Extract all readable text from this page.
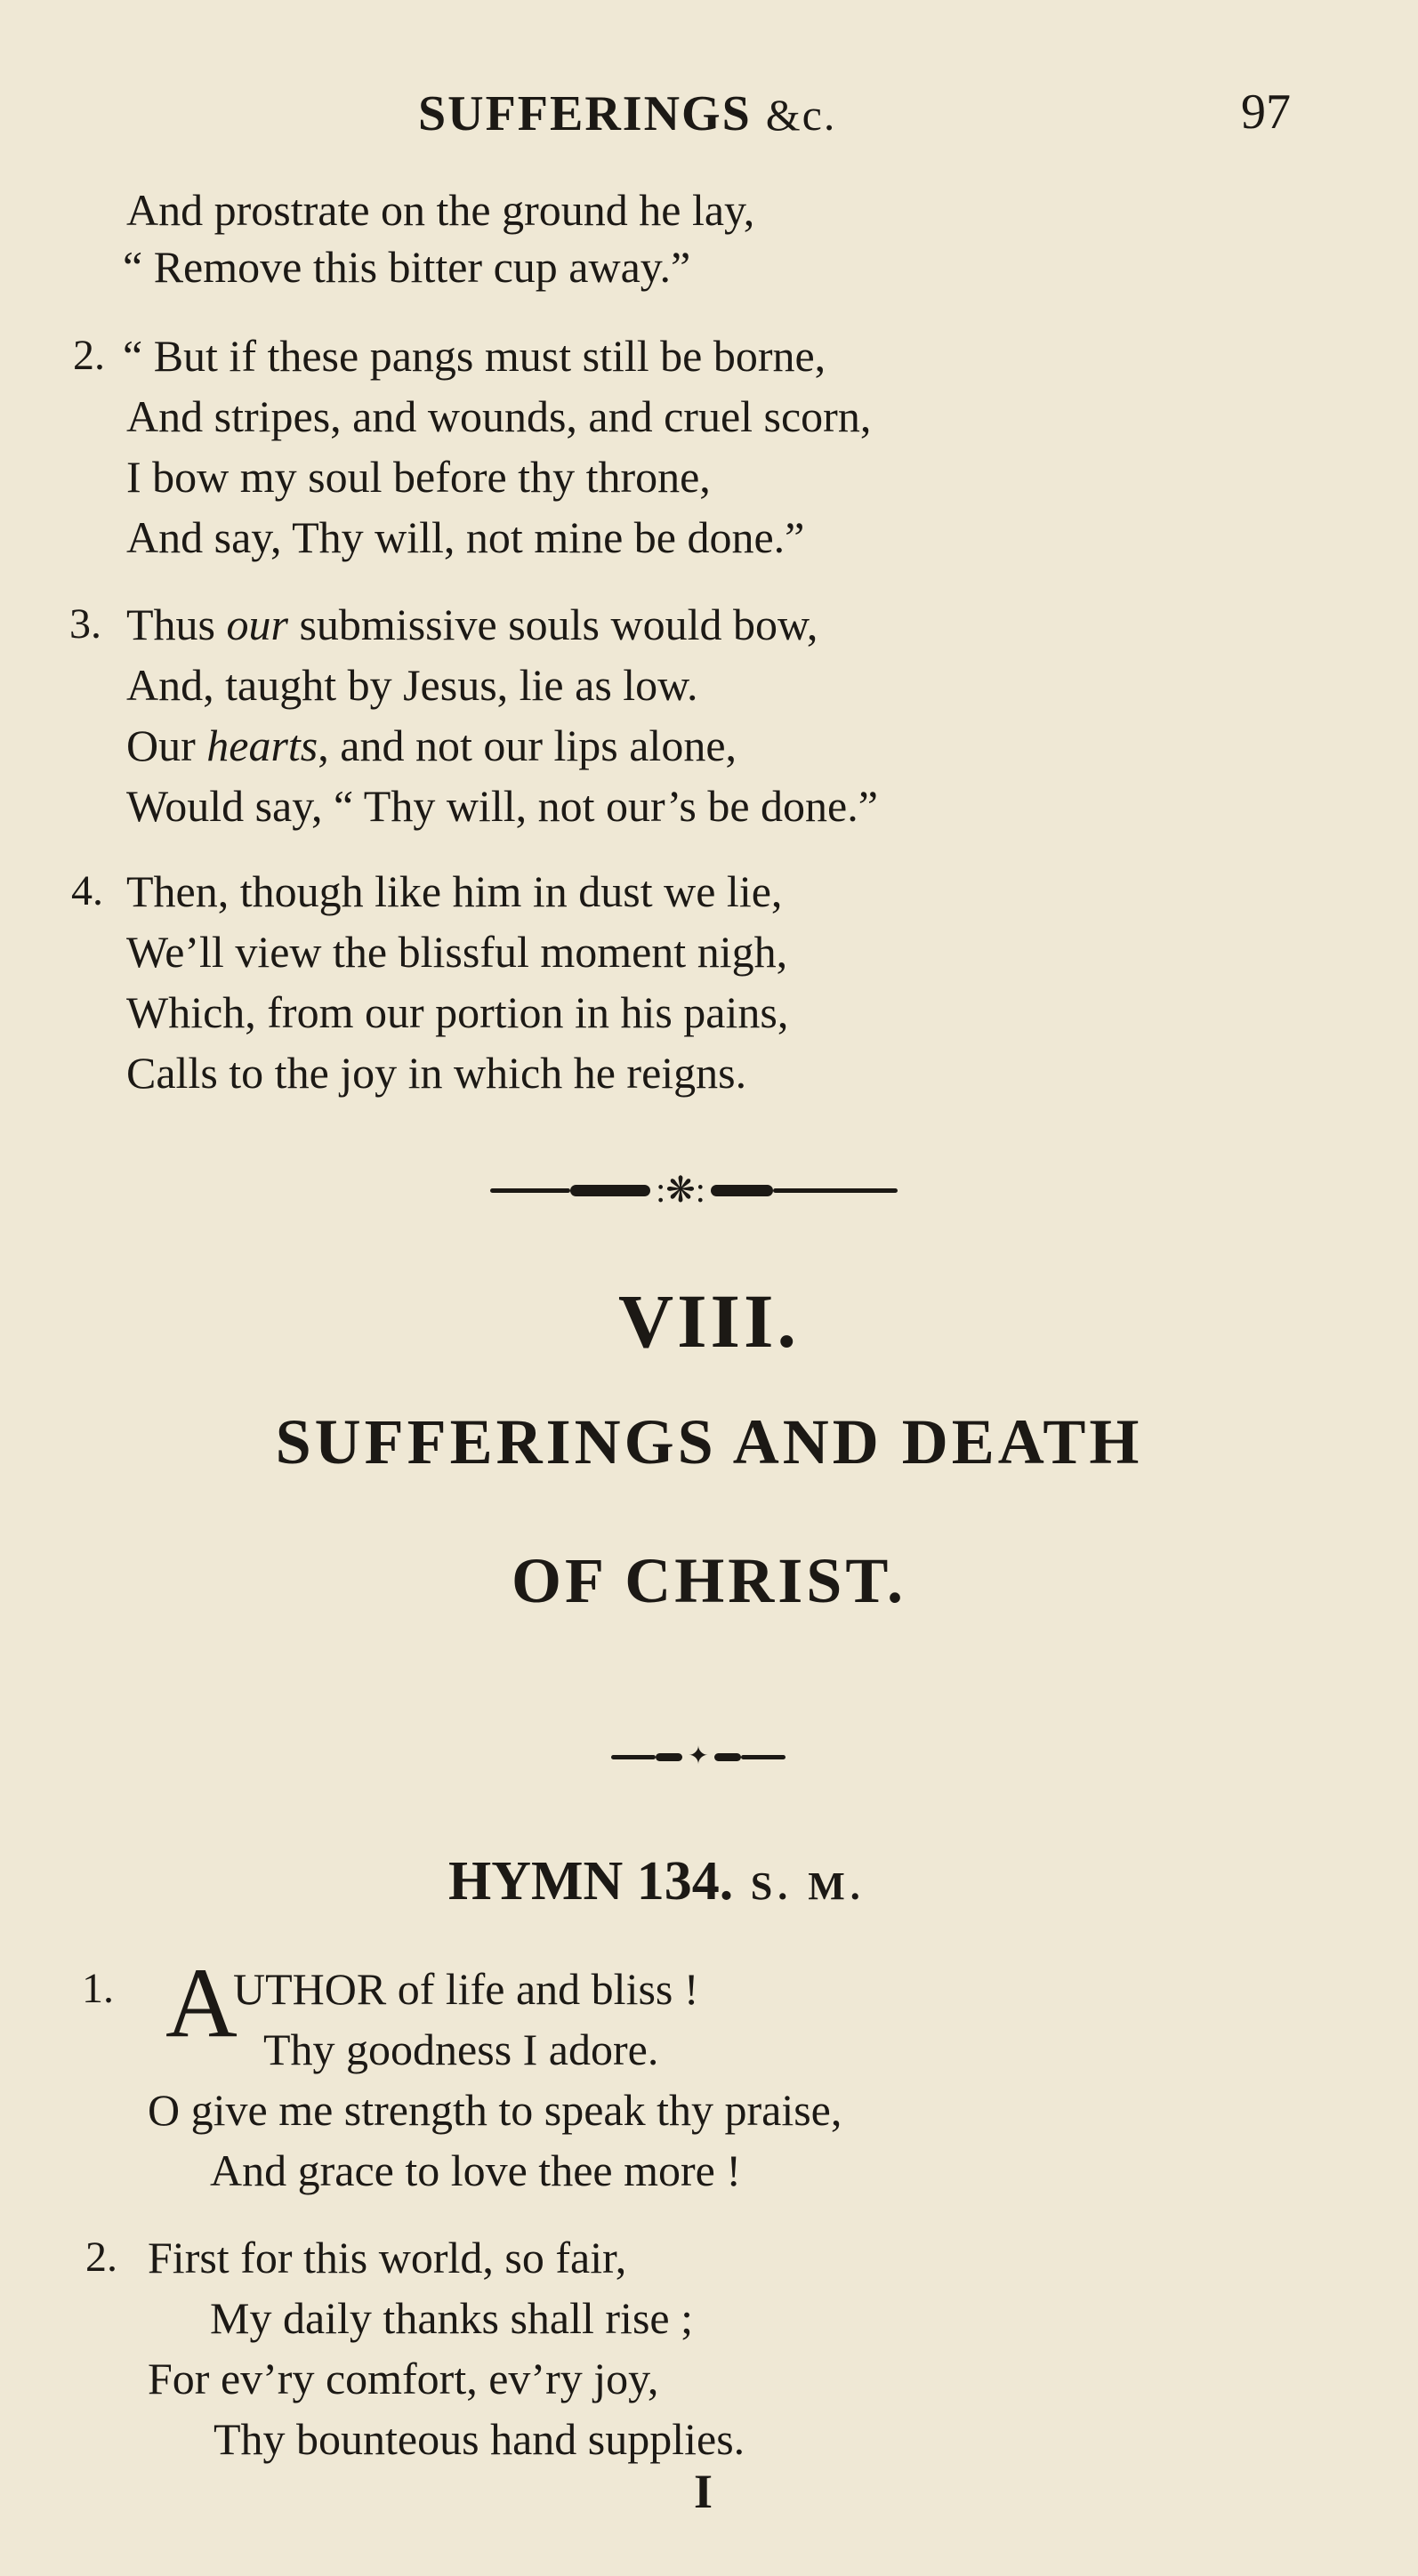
SUFFERINGS &c.	97
And prostrate on the ground he lay,
“ Remove this bitter cup away.”
2. “ But if these pangs must still be borne,
And stripes, and wounds, and cruel scorn,
I bow my soul before thy throne,
And say, Thy will, not mine be done.”
3. Thus our submissive souls would bow,
And, taught by Jesus, lie as low.
Our hearts, and not our lips alone,
Would say, “ Thy will, not our’s be done.”
4. Then, though like him in dust we lie,
We’ll view the blissful moment nigh,
Which, from our portion in his pains,
Calls to the joy in which he reigns.
:❋:
VIII.
SUFFERINGS AND DEATH
OF CHRIST.
✦
HYMN 134. S. M.
1. A
UTHOR of life and bliss !
Thy goodness I adore.
O give me strength to speak thy praise,
And grace to love thee more !
2. First for this world, so fair,
My daily thanks shall rise ;
For ev’ry comfort, ev’ry joy,
Thy bounteous hand supplies.
I
